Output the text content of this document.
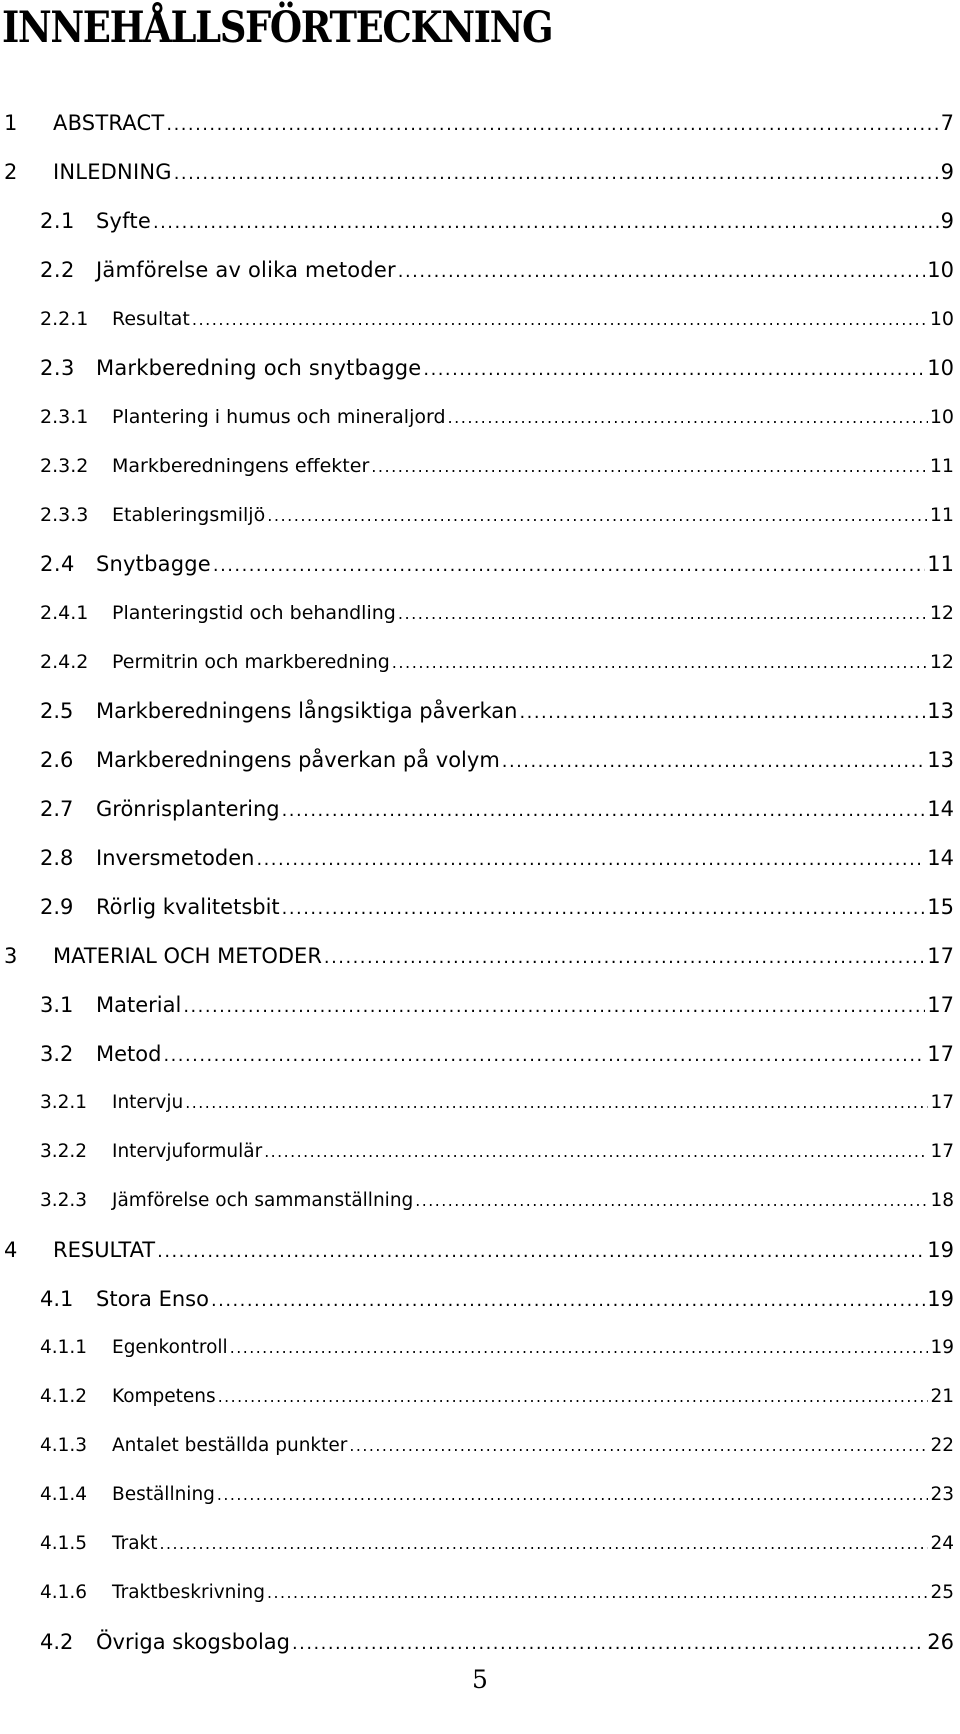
INNEHÅLLSFÖRTECKNING
1	ABSTRACT .....	7
2	INLEDNING .....	9
2.1	Syfte .....	9
2.2	Jämförelse av olika metoder .....	10
2.2.1	Resultat .....	10
2.3	Markberedning och snytbagge .....	10
2.3.1	Plantering i humus och mineraljord .....	10
2.3.2	Markberedningens effekter .....	11
2.3.3	Etableringsmiljö .....	11
2.4	Snytbagge .....	11
2.4.1	Planteringstid och behandling .....	12
2.4.2	Permitrin och markberedning .....	12
2.5	Markberedningens långsiktiga påverkan .....	13
2.6	Markberedningens påverkan på volym .....	13
2.7	Grönrisplantering .....	14
2.8	Inversmetoden .....	14
2.9	Rörlig kvalitetsbit .....	15
3	MATERIAL OCH METODER .....	17
3.1	Material .....	17
3.2	Metod .....	17
3.2.1	Intervju .....	17
3.2.2	Intervjuformulär .....	17
3.2.3	Jämförelse och sammanställning .....	18
4	RESULTAT .....	19
4.1	Stora Enso .....	19
4.1.1	Egenkontroll .....	19
4.1.2	Kompetens .....	21
4.1.3	Antalet beställda punkter .....	22
4.1.4	Beställning .....	23
4.1.5	Trakt .....	24
4.1.6	Traktbeskrivning .....	25
4.2	Övriga skogsbolag .....	26
5
